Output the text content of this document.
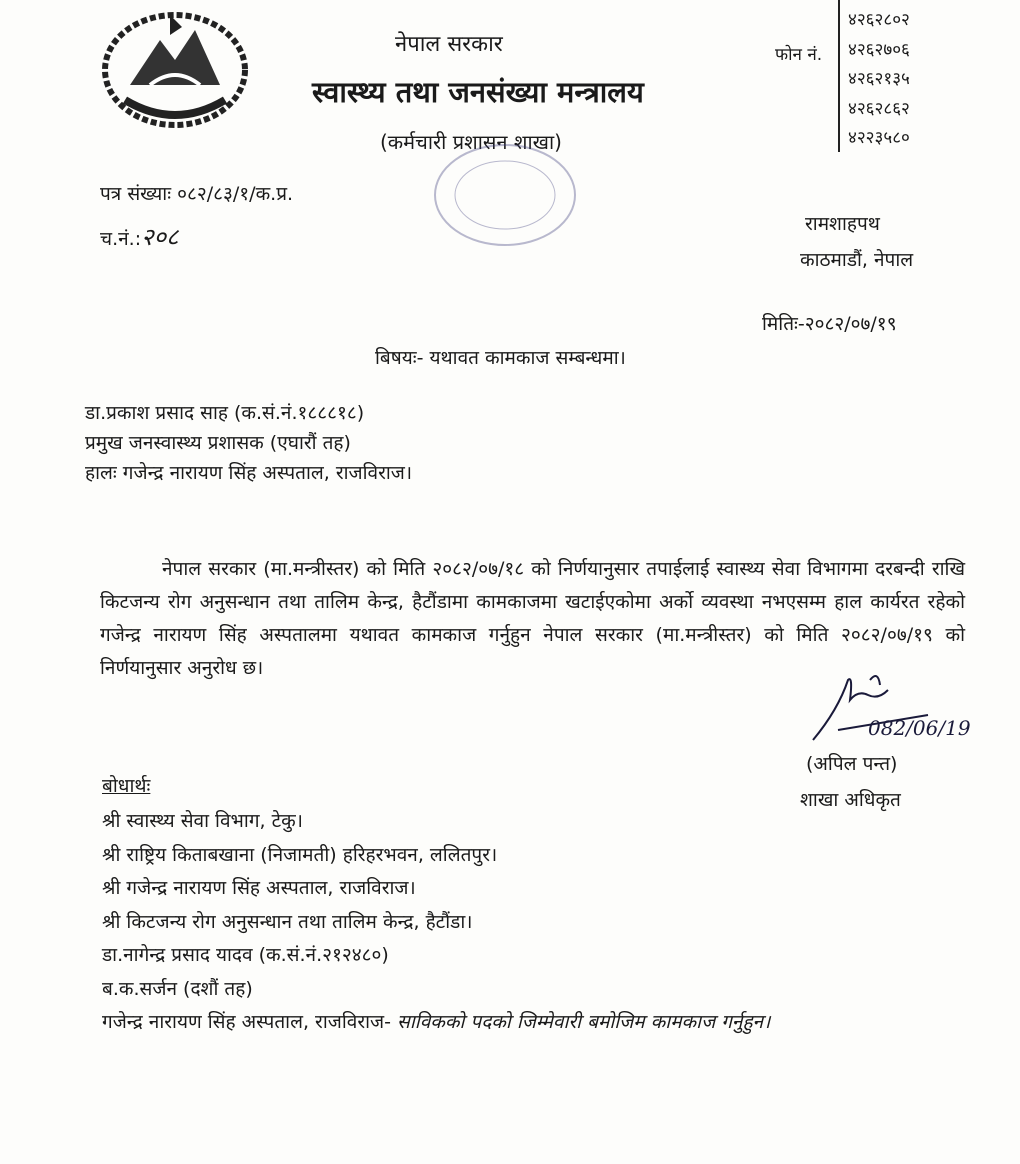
नेपाल सरकार
स्वास्थ्य तथा जनसंख्या मन्त्रालय
(कर्मचारी प्रशासन शाखा)
फोन नं.
४२६२८०२
४२६२७०६
४२६२१३५
४२६२८६२
४२२३५८०
पत्र संख्याः ०८२/८३/१/क.प्र.
च.नं.:२०८	रामशाहपथ
काठमाडौं, नेपाल
मितिः-२०८२/०७/१९
बिषयः- यथावत कामकाज सम्बन्धमा।
डा.प्रकाश प्रसाद साह (क.सं.नं.१८८८१८)
प्रमुख जनस्वास्थ्य प्रशासक (एघारौं तह)
हालः गजेन्द्र नारायण सिंह अस्पताल, राजविराज।
नेपाल सरकार (मा.मन्त्रीस्तर) को मिति २०८२/०७/१८ को निर्णयानुसार तपाईलाई स्वास्थ्य सेवा विभागमा दरबन्दी राखि किटजन्य रोग अनुसन्धान तथा तालिम केन्द्र, हैटौंडामा कामकाजमा खटाईएकोमा अर्को व्यवस्था नभएसम्म हाल कार्यरत रहेको गजेन्द्र नारायण सिंह अस्पतालमा यथावत कामकाज गर्नुहुन नेपाल सरकार (मा.मन्त्रीस्तर) को मिति २०८२/०७/१९ को निर्णयानुसार अनुरोध छ।
082/06/19
(अपिल पन्त)
शाखा अधिकृत
बोधार्थः
श्री स्वास्थ्य सेवा विभाग, टेकु।
श्री राष्ट्रिय किताबखाना (निजामती) हरिहरभवन, ललितपुर।
श्री गजेन्द्र नारायण सिंह अस्पताल, राजविराज।
श्री किटजन्य रोग अनुसन्धान तथा तालिम केन्द्र, हैटौंडा।
डा.नागेन्द्र प्रसाद यादव (क.सं.नं.२१२४८०)
ब.क.सर्जन (दशौं तह)
गजेन्द्र नारायण सिंह अस्पताल, राजविराज- साविकको पदको जिम्मेवारी बमोजिम कामकाज गर्नुहुन।
